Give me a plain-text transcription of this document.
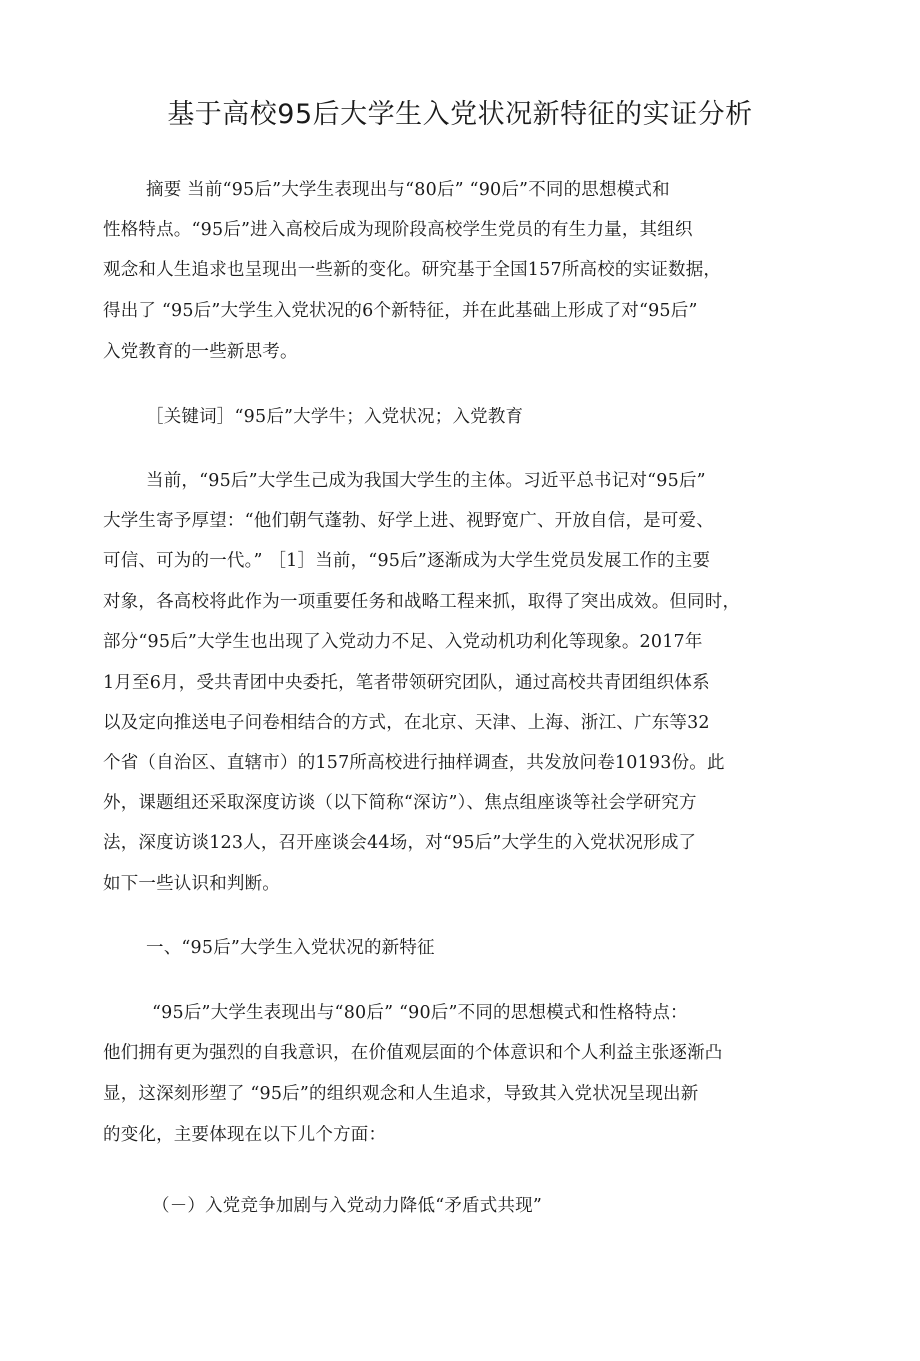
基于高校95后大学生入党状况新特征的实证分析
摘要 当前“95后”大学生表现出与“80后” “90后”不同的思想模式和
性格特点。“95后”进入高校后成为现阶段高校学生党员的有生力量，其组织
观念和人生追求也呈现出一些新的变化。研究基于全国157所高校的实证数据，
得出了 “95后”大学生入党状况的6个新特征，并在此基础上形成了对“95后”
入党教育的一些新思考。
［关键词］“95后”大学牛；入党状况；入党教育
当前，“95后”大学生己成为我国大学生的主体。习近平总书记对“95后”
大学生寄予厚望：“他们朝气蓬勃、好学上进、视野宽广、开放自信，是可爱、
可信、可为的一代。” ［1］当前，“95后”逐渐成为大学生党员发展工作的主要
对象，各高校将此作为一项重要任务和战略工程来抓，取得了突出成效。但同时，
部分“95后”大学生也出现了入党动力不足、入党动机功利化等现象。2017年
1月至6月，受共青团中央委托，笔者带领研究团队，通过高校共青团组织体系
以及定向推送电子问卷相结合的方式，在北京、天津、上海、浙江、广东等32
个省（自治区、直辖市）的157所高校进行抽样调查，共发放问卷10193份。此
外，课题组还采取深度访谈（以下简称“深访”）、焦点组座谈等社会学研究方
法，深度访谈123人，召开座谈会44场，对“95后”大学生的入党状况形成了
如下一些认识和判断。
一、“95后”大学生入党状况的新特征
“95后”大学生表现出与“80后” “90后”不同的思想模式和性格特点：
他们拥有更为强烈的自我意识，在价值观层面的个体意识和个人利益主张逐渐凸
显，这深刻形塑了 “95后”的组织观念和人生追求，导致其入党状况呈现出新
的变化，主要体现在以下儿个方面：
（－）入党竞争加剧与入党动力降低“矛盾式共现”
